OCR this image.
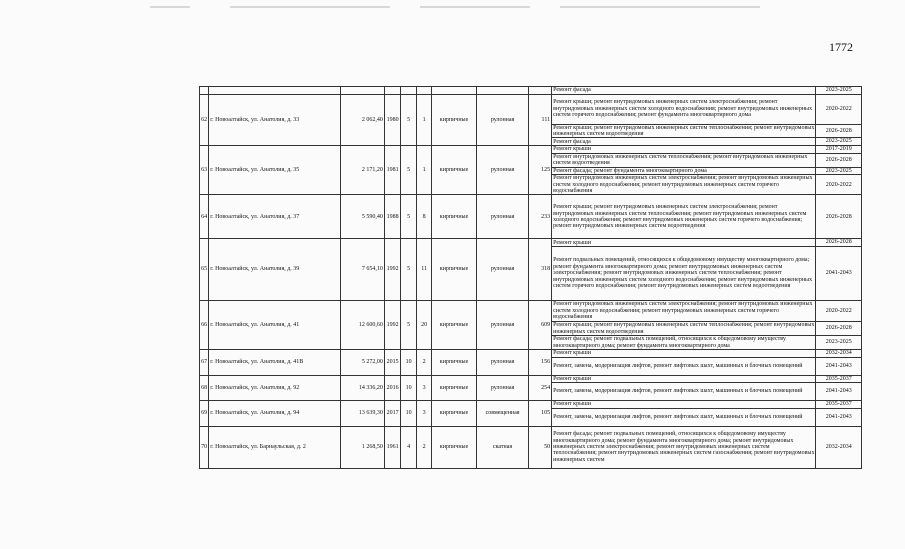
1772
									Ремонт фасада	2023-2025
62	г. Новоалтайск, ул. Анатолия, д. 33	2 062,40	1980	5	1	кирпичные	рулонная	111	Ремонт крыши; ремонт внутридомовых инженерных систем электроснабжения; ремонт внутридомовых инженерных систем холодного водоснабжения; ремонт внутридомовых инженерных систем горячего водоснабжения; ремонт фундамента многоквартирного дома	2020-2022
									Ремонт крыши; ремонт внутридомовых инженерных систем теплоснабжения; ремонт внутридомовых инженерных систем водоотведения	2026-2028
									Ремонт фасада	2023-2025
63	г. Новоалтайск, ул. Анатолия, д. 35	2 171,20	1981	5	1	кирпичные	рулонная	125	Ремонт крыши	2017-2019
									Ремонт внутридомовых инженерных систем теплоснабжения; ремонт внутридомовых инженерных систем водоотведения	2026-2028
									Ремонт фасада; ремонт фундамента многоквартирного дома	2023-2025
									Ремонт внутридомовых инженерных систем электроснабжения; ремонт внутридомовых инженерных систем холодного водоснабжения; ремонт внутридомовых инженерных систем горячего водоснабжения	2020-2022
64	г. Новоалтайск, ул. Анатолия, д. 37	5 590,40	1988	5	8	кирпичные	рулонная	233	Ремонт крыши; ремонт внутридомовых инженерных систем электроснабжения; ремонт внутридомовых инженерных систем теплоснабжения; ремонт внутридомовых инженерных систем холодного водоснабжения; ремонт внутридомовых инженерных систем горячего водоснабжения; ремонт внутридомовых инженерных систем водоотведения	2026-2028
65	г. Новоалтайск, ул. Анатолия, д. 39	7 654,10	1992	5	11	кирпичные	рулонная	318	Ремонт крыши	2026-2028
									Ремонт подвальных помещений, относящихся к общедомовому имуществу многоквартирного дома; ремонт фундамента многоквартирного дома; ремонт внутридомовых инженерных систем электроснабжения; ремонт внутридомовых инженерных систем теплоснабжения; ремонт внутридомовых инженерных систем холодного водоснабжения; ремонт внутридомовых инженерных систем горячего водоснабжения; ремонт внутридомовых инженерных систем водоотведения	2041-2043
66	г. Новоалтайск, ул. Анатолия, д. 41	12 600,60	1992	5	20	кирпичные	рулонная	609	Ремонт внутридомовых инженерных систем электроснабжения; ремонт внутридомовых инженерных систем холодного водоснабжения; ремонт внутридомовых инженерных систем горячего водоснабжения	2020-2022
									Ремонт крыши; ремонт внутридомовых инженерных систем теплоснабжения; ремонт внутридомовых инженерных систем водоотведения	2026-2028
									Ремонт фасада; ремонт подвальных помещений, относящихся к общедомовому имуществу многоквартирного дома; ремонт фундамента многоквартирного дома	2023-2025
67	г. Новоалтайск, ул. Анатолия, д. 41В	5 272,00	2015	10	2	кирпичные	рулонная	156	Ремонт крыши	2032-2034
									Ремонт, замена, модернизация лифтов, ремонт лифтовых шахт, машинных и блочных помещений	2041-2043
68	г. Новоалтайск, ул. Анатолия, д. 92	14 336,20	2016	10	3	кирпичные	рулонная	254	Ремонт крыши	2035-2037
									Ремонт, замена, модернизация лифтов, ремонт лифтовых шахт, машинных и блочных помещений	2041-2043
69	г. Новоалтайск, ул. Анатолия, д. 94	13 639,30	2017	10	3	кирпичные	совмещенная	105	Ремонт крыши	2035-2037
									Ремонт, замена, модернизация лифтов, ремонт лифтовых шахт, машинных и блочных помещений	2041-2043
70	г. Новоалтайск, ул. Барнаульская, д. 2	1 268,50	1961	4	2	кирпичные	скатная	50	Ремонт фасада; ремонт подвальных помещений, относящихся к общедомовому имуществу многоквартирного дома; ремонт фундамента многоквартирного дома; ремонт внутридомовых инженерных систем электроснабжения; ремонт внутридомовых инженерных систем теплоснабжения; ремонт внутридомовых инженерных систем газоснабжения; ремонт внутридомовых инженерных систем	2032-2034
